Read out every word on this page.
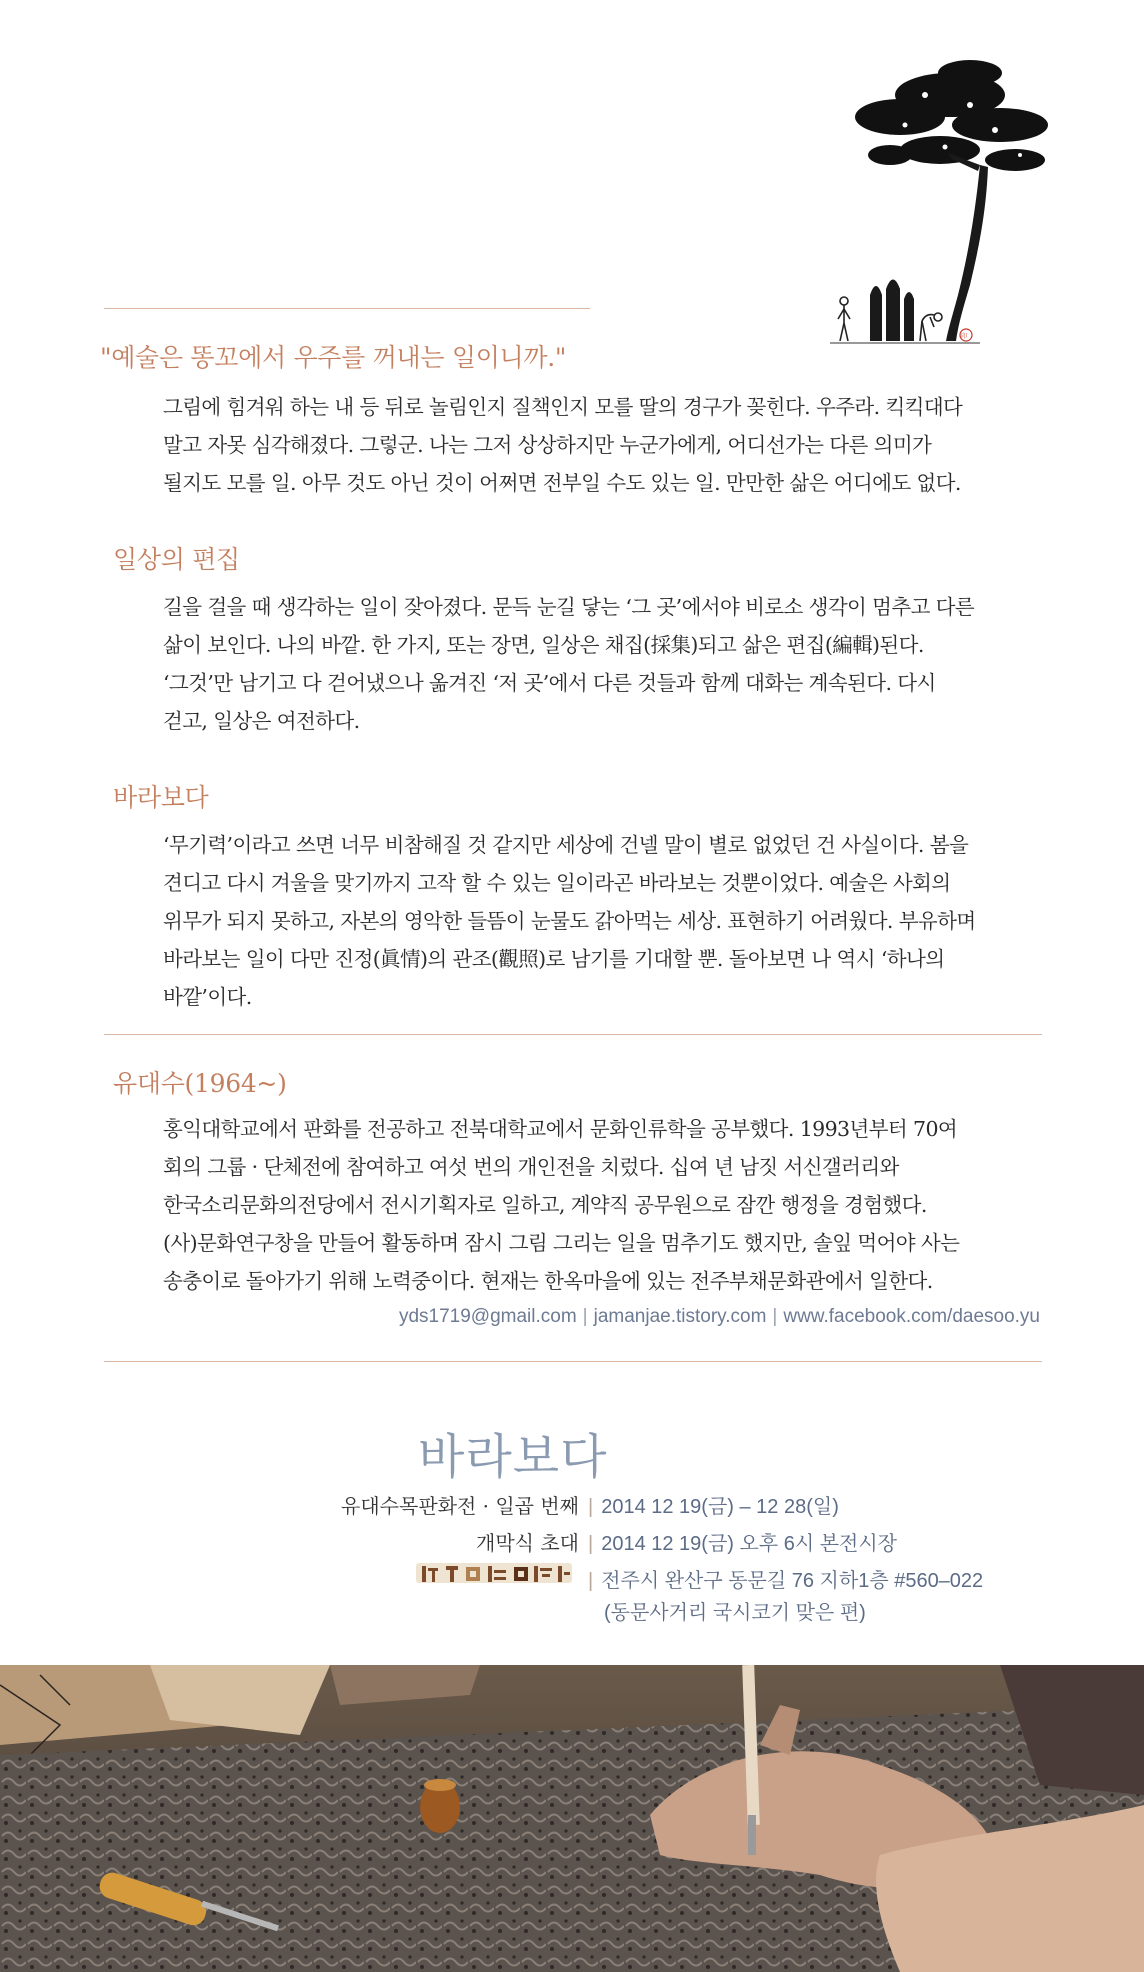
印
"예술은 똥꼬에서 우주를 꺼내는 일이니까."

그림에 힘겨워 하는 내 등 뒤로 놀림인지 질책인지 모를 딸의 경구가 꽂힌다. 우주라. 킥킥대다

말고 자못 심각해졌다. 그렇군. 나는 그저 상상하지만 누군가에게, 어디선가는 다른 의미가

될지도 모를 일. 아무 것도 아닌 것이 어쩌면 전부일 수도 있는 일. 만만한 삶은 어디에도 없다.

일상의 편집

길을 걸을 때 생각하는 일이 잦아졌다. 문득 눈길 닿는 ‘그 곳’에서야 비로소 생각이 멈추고 다른

삶이 보인다. 나의 바깥. 한 가지, 또는 장면, 일상은 채집(採集)되고 삶은 편집(編輯)된다.

‘그것’만 남기고 다 걷어냈으나 옮겨진 ‘저 곳’에서 다른 것들과 함께 대화는 계속된다. 다시

걷고, 일상은 여전하다.

바라보다

‘무기력’이라고 쓰면 너무 비참해질 것 같지만 세상에 건넬 말이 별로 없었던 건 사실이다. 봄을

견디고 다시 겨울을 맞기까지 고작 할 수 있는 일이라곤 바라보는 것뿐이었다. 예술은 사회의

위무가 되지 못하고, 자본의 영악한 들뜸이 눈물도 갉아먹는 세상. 표현하기 어려웠다. 부유하며

바라보는 일이 다만 진정(眞情)의 관조(觀照)로 남기를 기대할 뿐. 돌아보면 나 역시 ‘하나의

바깥’이다.

유대수(1964~)

홍익대학교에서 판화를 전공하고 전북대학교에서 문화인류학을 공부했다. 1993년부터 70여

회의 그룹 · 단체전에 참여하고 여섯 번의 개인전을 치렀다. 십여 년 남짓 서신갤러리와

한국소리문화의전당에서 전시기획자로 일하고, 계약직 공무원으로 잠깐 행정을 경험했다.

(사)문화연구창을 만들어 활동하며 잠시 그림 그리는 일을 멈추기도 했지만, 솔잎 먹어야 사는

송충이로 돌아가기 위해 노력중이다. 현재는 한옥마을에 있는 전주부채문화관에서 일한다.

yds1719@gmail.com | jamanjae.tistory.com | www.facebook.com/daesoo.yu
바라보다
유대수목판화전 · 일곱 번째 | 2014 12 19(금) – 12 28(일)
개막식 초대 | 2014 12 19(금) 오후 6시 본전시장
| 전주시 완산구 동문길 76 지하1층 #560–022
(동문사거리 국시코기 맞은 편)
